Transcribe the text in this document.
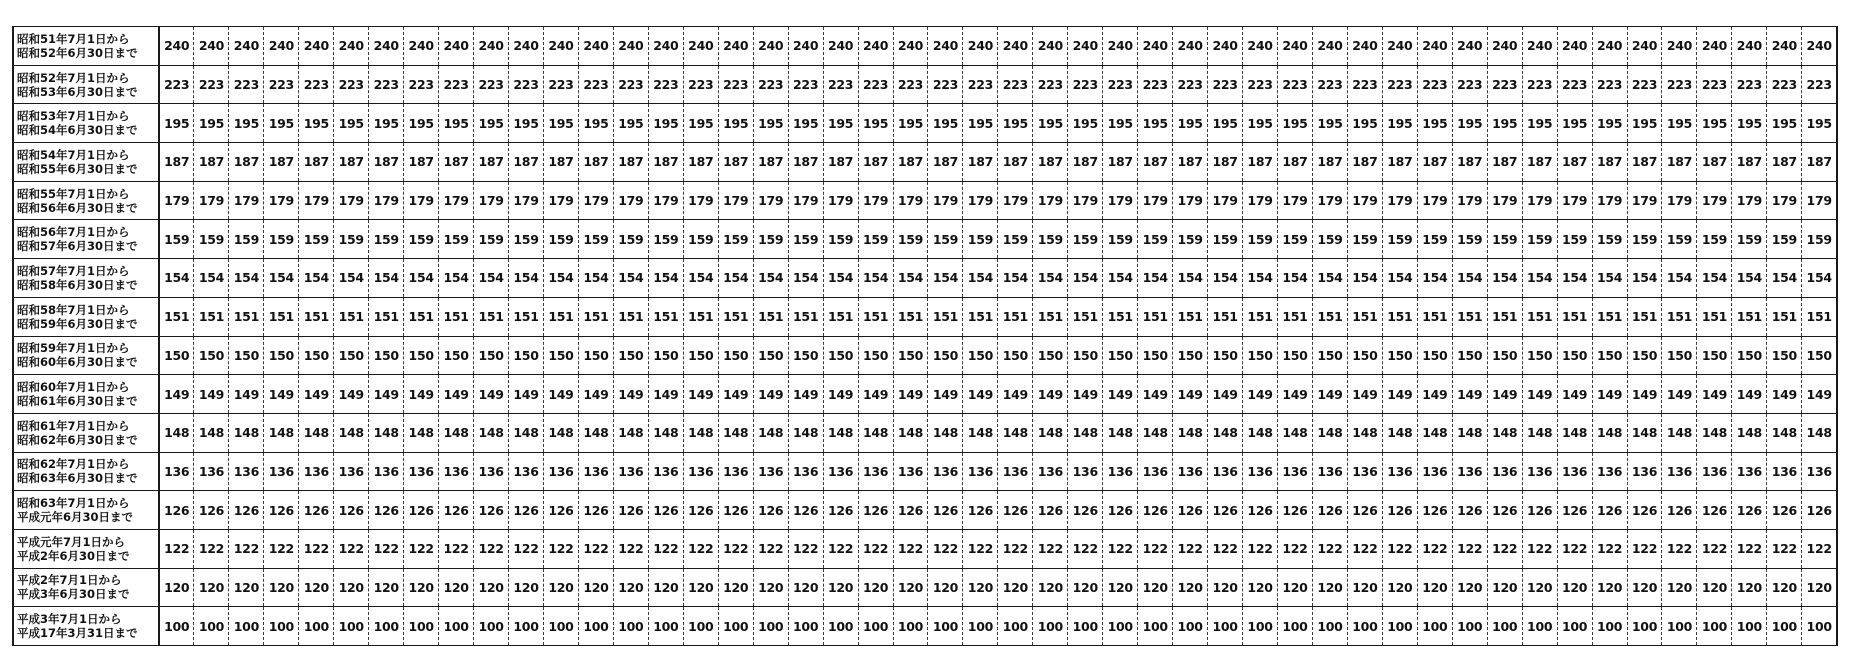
昭和51年7月1日から
昭和52年6月30日まで	240	240	240	240	240	240	240	240	240	240	240	240	240	240	240	240	240	240	240	240	240	240	240	240	240	240	240	240	240	240	240	240	240	240	240	240	240	240	240	240	240	240	240	240	240	240	240	240

昭和52年7月1日から
昭和53年6月30日まで	223	223	223	223	223	223	223	223	223	223	223	223	223	223	223	223	223	223	223	223	223	223	223	223	223	223	223	223	223	223	223	223	223	223	223	223	223	223	223	223	223	223	223	223	223	223	223	223

昭和53年7月1日から
昭和54年6月30日まで	195	195	195	195	195	195	195	195	195	195	195	195	195	195	195	195	195	195	195	195	195	195	195	195	195	195	195	195	195	195	195	195	195	195	195	195	195	195	195	195	195	195	195	195	195	195	195	195

昭和54年7月1日から
昭和55年6月30日まで	187	187	187	187	187	187	187	187	187	187	187	187	187	187	187	187	187	187	187	187	187	187	187	187	187	187	187	187	187	187	187	187	187	187	187	187	187	187	187	187	187	187	187	187	187	187	187	187

昭和55年7月1日から
昭和56年6月30日まで	179	179	179	179	179	179	179	179	179	179	179	179	179	179	179	179	179	179	179	179	179	179	179	179	179	179	179	179	179	179	179	179	179	179	179	179	179	179	179	179	179	179	179	179	179	179	179	179

昭和56年7月1日から
昭和57年6月30日まで	159	159	159	159	159	159	159	159	159	159	159	159	159	159	159	159	159	159	159	159	159	159	159	159	159	159	159	159	159	159	159	159	159	159	159	159	159	159	159	159	159	159	159	159	159	159	159	159

昭和57年7月1日から
昭和58年6月30日まで	154	154	154	154	154	154	154	154	154	154	154	154	154	154	154	154	154	154	154	154	154	154	154	154	154	154	154	154	154	154	154	154	154	154	154	154	154	154	154	154	154	154	154	154	154	154	154	154

昭和58年7月1日から
昭和59年6月30日まで	151	151	151	151	151	151	151	151	151	151	151	151	151	151	151	151	151	151	151	151	151	151	151	151	151	151	151	151	151	151	151	151	151	151	151	151	151	151	151	151	151	151	151	151	151	151	151	151

昭和59年7月1日から
昭和60年6月30日まで	150	150	150	150	150	150	150	150	150	150	150	150	150	150	150	150	150	150	150	150	150	150	150	150	150	150	150	150	150	150	150	150	150	150	150	150	150	150	150	150	150	150	150	150	150	150	150	150

昭和60年7月1日から
昭和61年6月30日まで	149	149	149	149	149	149	149	149	149	149	149	149	149	149	149	149	149	149	149	149	149	149	149	149	149	149	149	149	149	149	149	149	149	149	149	149	149	149	149	149	149	149	149	149	149	149	149	149

昭和61年7月1日から
昭和62年6月30日まで	148	148	148	148	148	148	148	148	148	148	148	148	148	148	148	148	148	148	148	148	148	148	148	148	148	148	148	148	148	148	148	148	148	148	148	148	148	148	148	148	148	148	148	148	148	148	148	148

昭和62年7月1日から
昭和63年6月30日まで	136	136	136	136	136	136	136	136	136	136	136	136	136	136	136	136	136	136	136	136	136	136	136	136	136	136	136	136	136	136	136	136	136	136	136	136	136	136	136	136	136	136	136	136	136	136	136	136

昭和63年7月1日から
平成元年6月30日まで	126	126	126	126	126	126	126	126	126	126	126	126	126	126	126	126	126	126	126	126	126	126	126	126	126	126	126	126	126	126	126	126	126	126	126	126	126	126	126	126	126	126	126	126	126	126	126	126

平成元年7月1日から
平成2年6月30日まで	122	122	122	122	122	122	122	122	122	122	122	122	122	122	122	122	122	122	122	122	122	122	122	122	122	122	122	122	122	122	122	122	122	122	122	122	122	122	122	122	122	122	122	122	122	122	122	122

平成2年7月1日から
平成3年6月30日まで	120	120	120	120	120	120	120	120	120	120	120	120	120	120	120	120	120	120	120	120	120	120	120	120	120	120	120	120	120	120	120	120	120	120	120	120	120	120	120	120	120	120	120	120	120	120	120	120

平成3年7月1日から
平成17年3月31日まで	100	100	100	100	100	100	100	100	100	100	100	100	100	100	100	100	100	100	100	100	100	100	100	100	100	100	100	100	100	100	100	100	100	100	100	100	100	100	100	100	100	100	100	100	100	100	100	100
